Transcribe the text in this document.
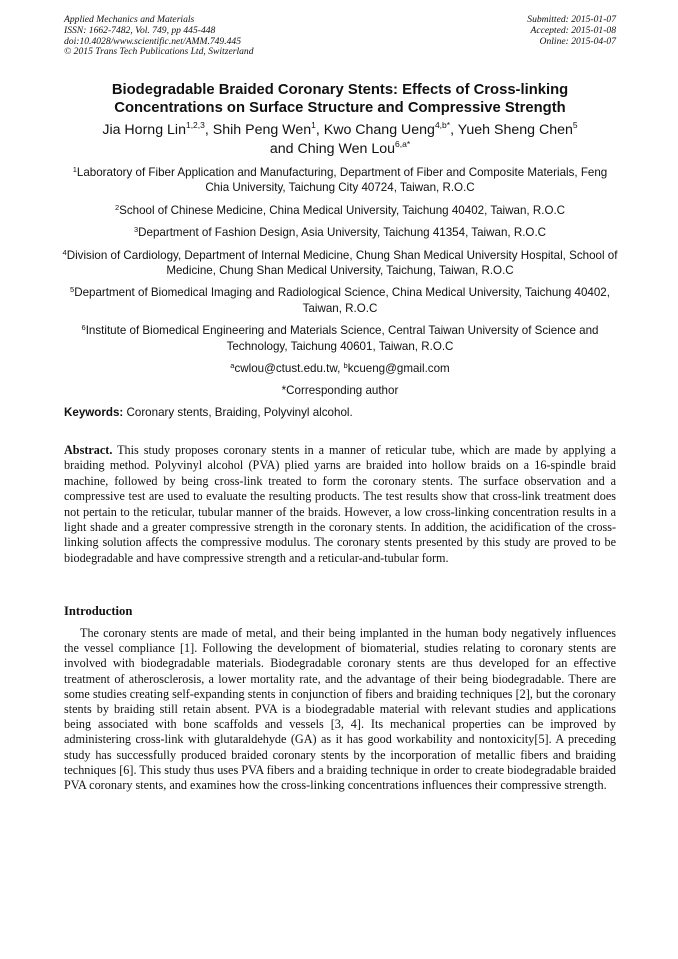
Applied Mechanics and Materials
ISSN: 1662-7482, Vol. 749, pp 445-448
doi:10.4028/www.scientific.net/AMM.749.445
© 2015 Trans Tech Publications Ltd, Switzerland
Submitted: 2015-01-07
Accepted: 2015-01-08
Online: 2015-04-07
Biodegradable Braided Coronary Stents: Effects of Cross-linking Concentrations on Surface Structure and Compressive Strength
Jia Horng Lin$^{1,2,3}$, Shih Peng Wen$^1$, Kwo Chang Ueng$^{4,b*}$, Yueh Sheng Chen$^5$
and Ching Wen Lou$^{6,a*}$
$^1$Laboratory of Fiber Application and Manufacturing, Department of Fiber and Composite Materials, Feng Chia University, Taichung City 40724, Taiwan, R.O.C
$^2$School of Chinese Medicine, China Medical University, Taichung 40402, Taiwan, R.O.C
$^3$Department of Fashion Design, Asia University, Taichung 41354, Taiwan, R.O.C
$^4$Division of Cardiology, Department of Internal Medicine, Chung Shan Medical University Hospital, School of Medicine, Chung Shan Medical University, Taichung, Taiwan, R.O.C
$^5$Department of Biomedical Imaging and Radiological Science, China Medical University, Taichung 40402, Taiwan, R.O.C
$^6$Institute of Biomedical Engineering and Materials Science, Central Taiwan University of Science and Technology, Taichung 40601, Taiwan, R.O.C
$^a$cwlou@ctust.edu.tw, $^b$kcueng@gmail.com
*Corresponding author
Keywords: Coronary stents, Braiding, Polyvinyl alcohol.

Abstract. This study proposes coronary stents in a manner of reticular tube, which are made by applying a braiding method. Polyvinyl alcohol (PVA) plied yarns are braided into hollow braids on a 16-spindle braid machine, followed by being cross-link treated to form the coronary stents. The surface observation and a compressive test are used to evaluate the resulting products. The test results show that cross-link treatment does not pertain to the reticular, tubular manner of the braids. However, a low cross-linking concentration results in a light shade and a greater compressive strength in the coronary stents. In addition, the acidification of the cross-linking solution affects the compressive modulus. The coronary stents presented by this study are proved to be biodegradable and have compressive strength and a reticular-and-tubular form.

Introduction

The coronary stents are made of metal, and their being implanted in the human body negatively influences the vessel compliance [1]. Following the development of biomaterial, studies relating to coronary stents are involved with biodegradable materials. Biodegradable coronary stents are thus developed for an effective treatment of atherosclerosis, a lower mortality rate, and the advantage of their being biodegradable. There are some studies creating self-expanding stents in conjunction of fibers and braiding techniques [2], but the coronary stents by braiding still retain absent. PVA is a biodegradable material with relevant studies and applications being associated with bone scaffolds and vessels [3, 4]. Its mechanical properties can be improved by administering cross-link with glutaraldehyde (GA) as it has good workability and nontoxicity[5]. A preceding study has successfully produced braided coronary stents by the incorporation of metallic fibers and braiding techniques [6]. This study thus uses PVA fibers and a braiding technique in order to create biodegradable braided PVA coronary stents, and examines how the cross-linking concentrations influences their compressive strength.
